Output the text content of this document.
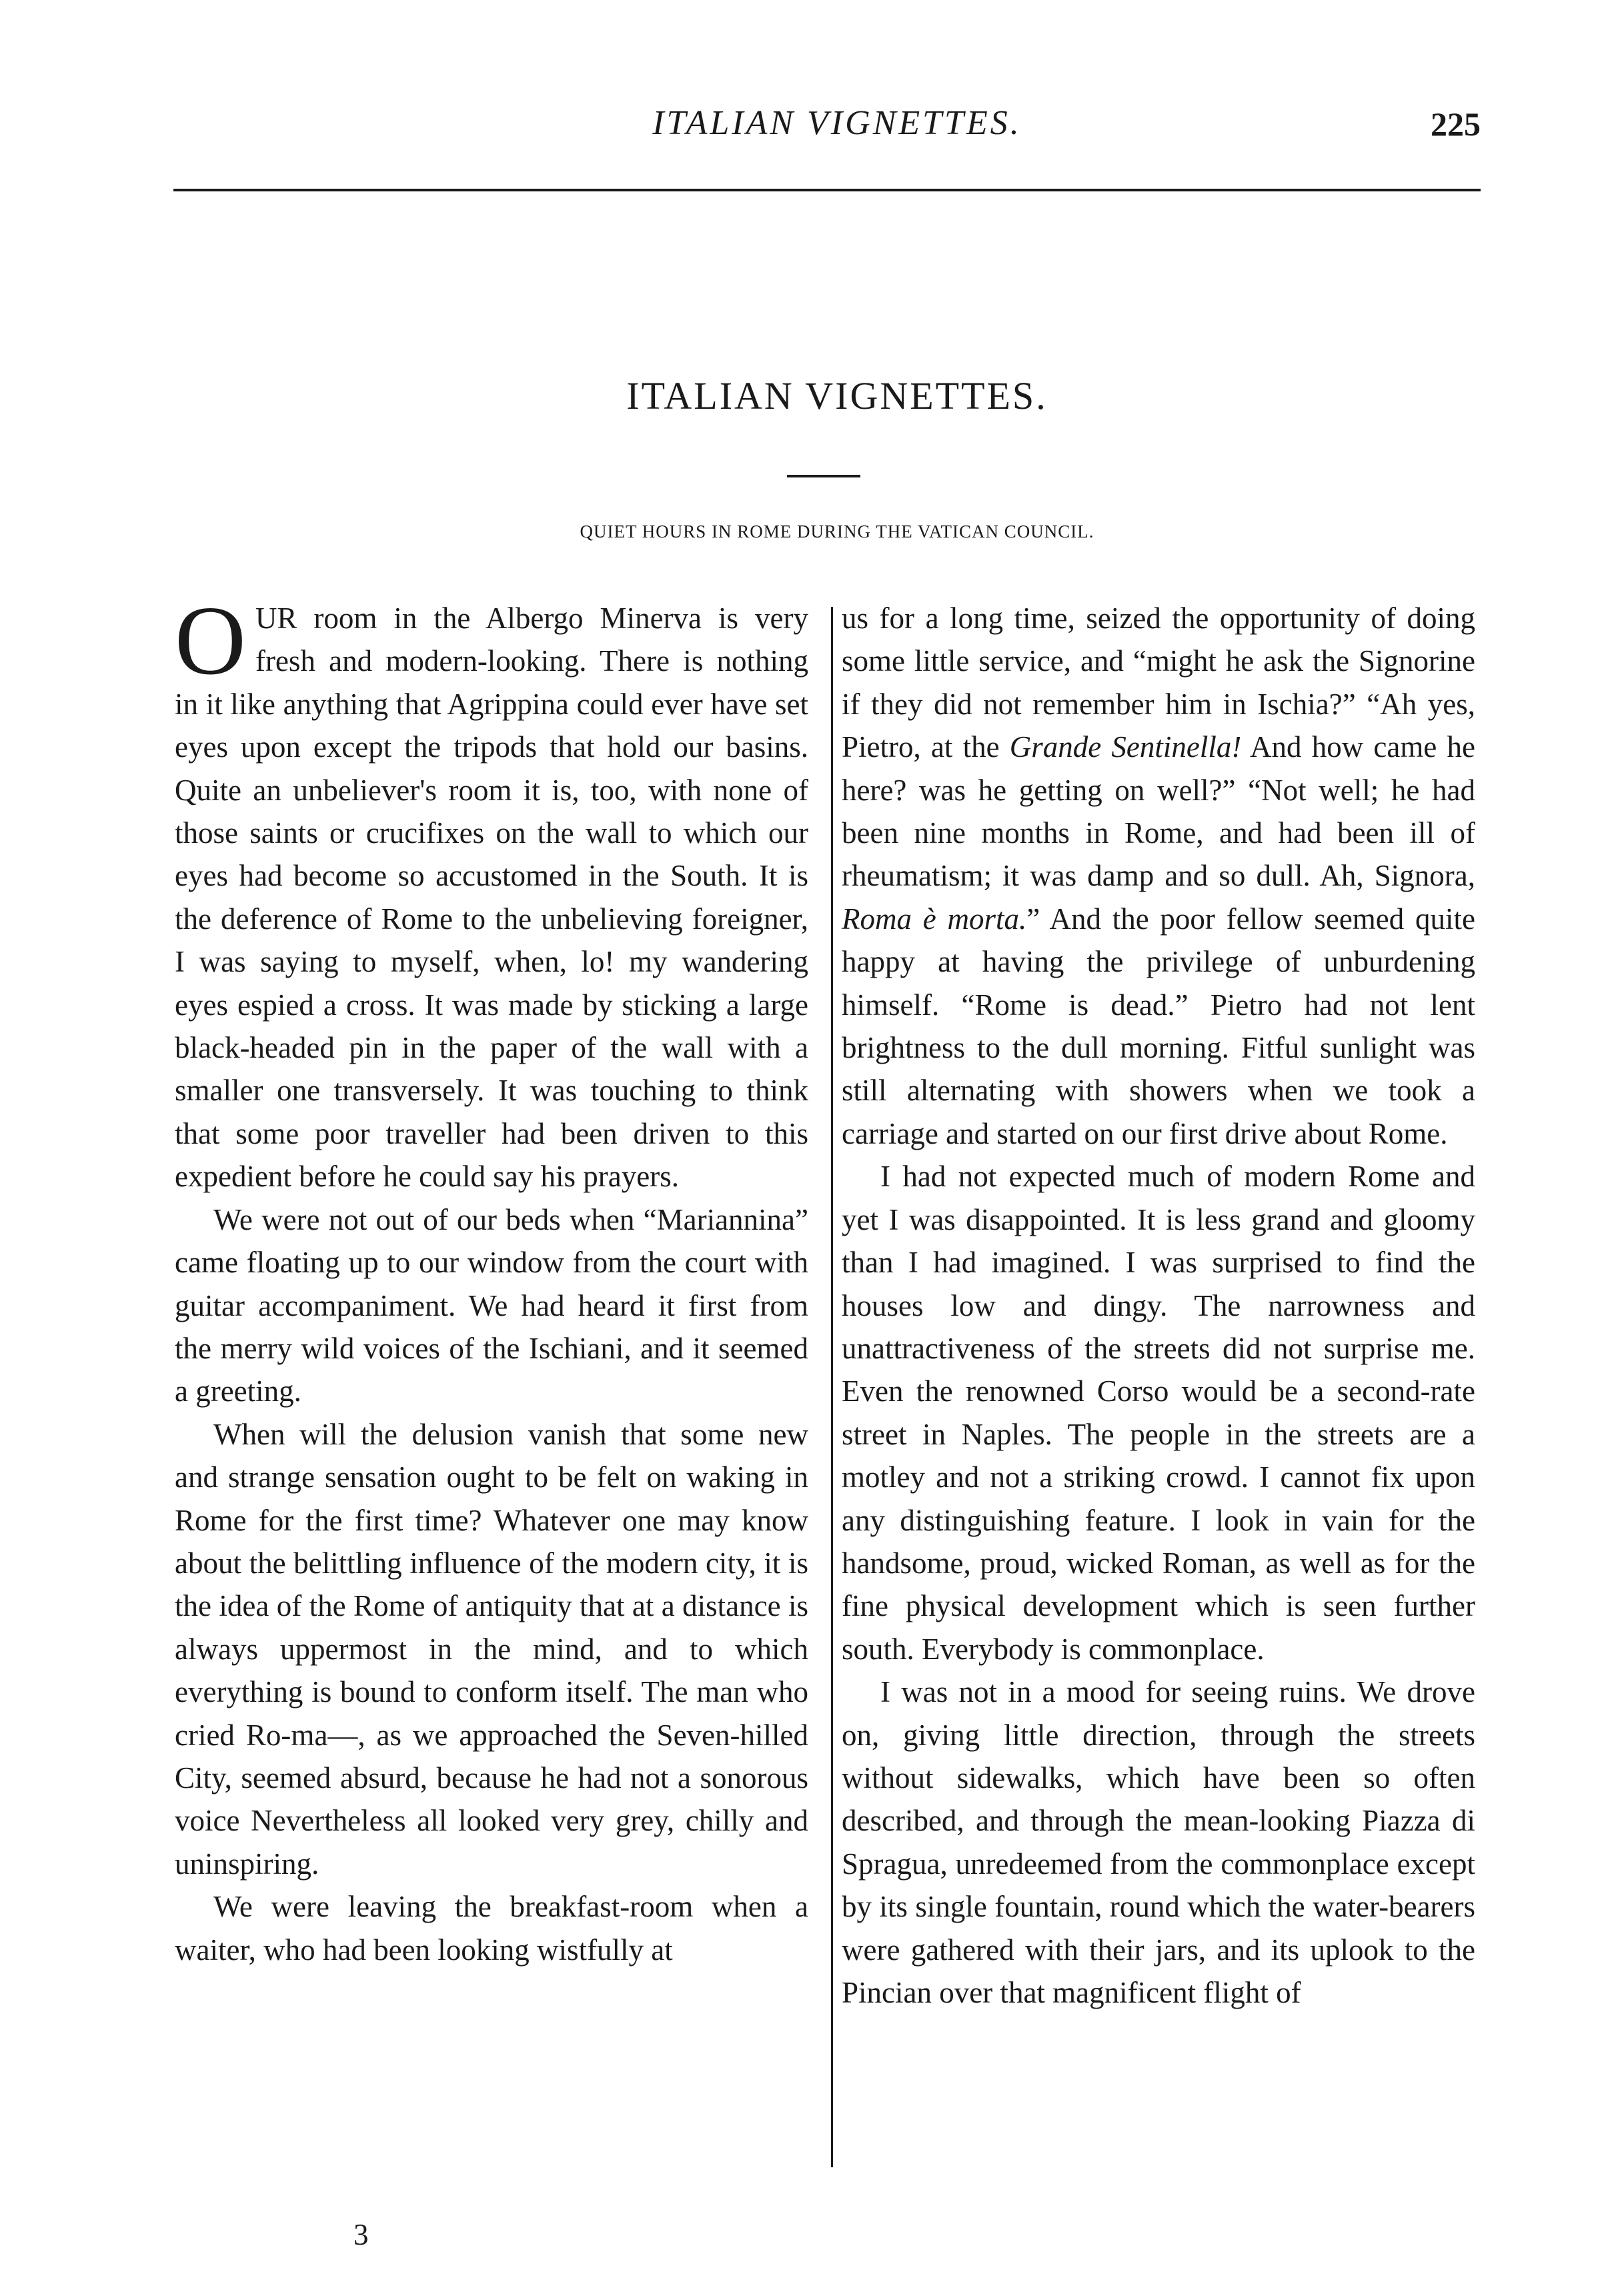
ITALIAN VIGNETTES.	225
ITALIAN VIGNETTES.
QUIET HOURS IN ROME DURING THE VATICAN COUNCIL.

OUR room in the Albergo Minerva is very fresh and modern-looking. There is nothing in it like anything that Agrippina could ever have set eyes upon except the tripods that hold our basins. Quite an unbeliever's room it is, too, with none of those saints or crucifixes on the wall to which our eyes had become so accustomed in the South. It is the deference of Rome to the unbelieving foreigner, I was saying to myself, when, lo! my wandering eyes espied a cross. It was made by sticking a large black-headed pin in the paper of the wall with a smaller one transversely. It was touching to think that some poor traveller had been driven to this expedient before he could say his prayers.

We were not out of our beds when “Mariannina” came floating up to our window from the court with guitar accompaniment. We had heard it first from the merry wild voices of the Ischiani, and it seemed a greeting.

When will the delusion vanish that some new and strange sensation ought to be felt on waking in Rome for the first time? Whatever one may know about the belittling influence of the modern city, it is the idea of the Rome of antiquity that at a distance is always uppermost in the mind, and to which everything is bound to conform itself. The man who cried Ro-ma—, as we approached the Seven-hilled City, seemed absurd, because he had not a sonorous voice Nevertheless all looked very grey, chilly and uninspiring.

We were leaving the breakfast-room when a waiter, who had been looking wistfully at

us for a long time, seized the opportunity of doing some little service, and “might he ask the Signorine if they did not remember him in Ischia?” “Ah yes, Pietro, at the Grande Sentinella! And how came he here? was he getting on well?” “Not well; he had been nine months in Rome, and had been ill of rheumatism; it was damp and so dull. Ah, Signora, Roma è morta.” And the poor fellow seemed quite happy at having the privilege of unburdening himself. “Rome is dead.” Pietro had not lent brightness to the dull morning. Fitful sunlight was still alternating with showers when we took a carriage and started on our first drive about Rome.

I had not expected much of modern Rome and yet I was disappointed. It is less grand and gloomy than I had imagined. I was surprised to find the houses low and dingy. The narrowness and unattractiveness of the streets did not surprise me. Even the renowned Corso would be a second-rate street in Naples. The people in the streets are a motley and not a striking crowd. I cannot fix upon any distinguishing feature. I look in vain for the handsome, proud, wicked Roman, as well as for the fine physical development which is seen further south. Everybody is commonplace.

I was not in a mood for seeing ruins. We drove on, giving little direction, through the streets without sidewalks, which have been so often described, and through the mean-looking Piazza di Spragua, unredeemed from the commonplace except by its single fountain, round which the water-bearers were gathered with their jars, and its uplook to the Pincian over that magnificent flight of

3
